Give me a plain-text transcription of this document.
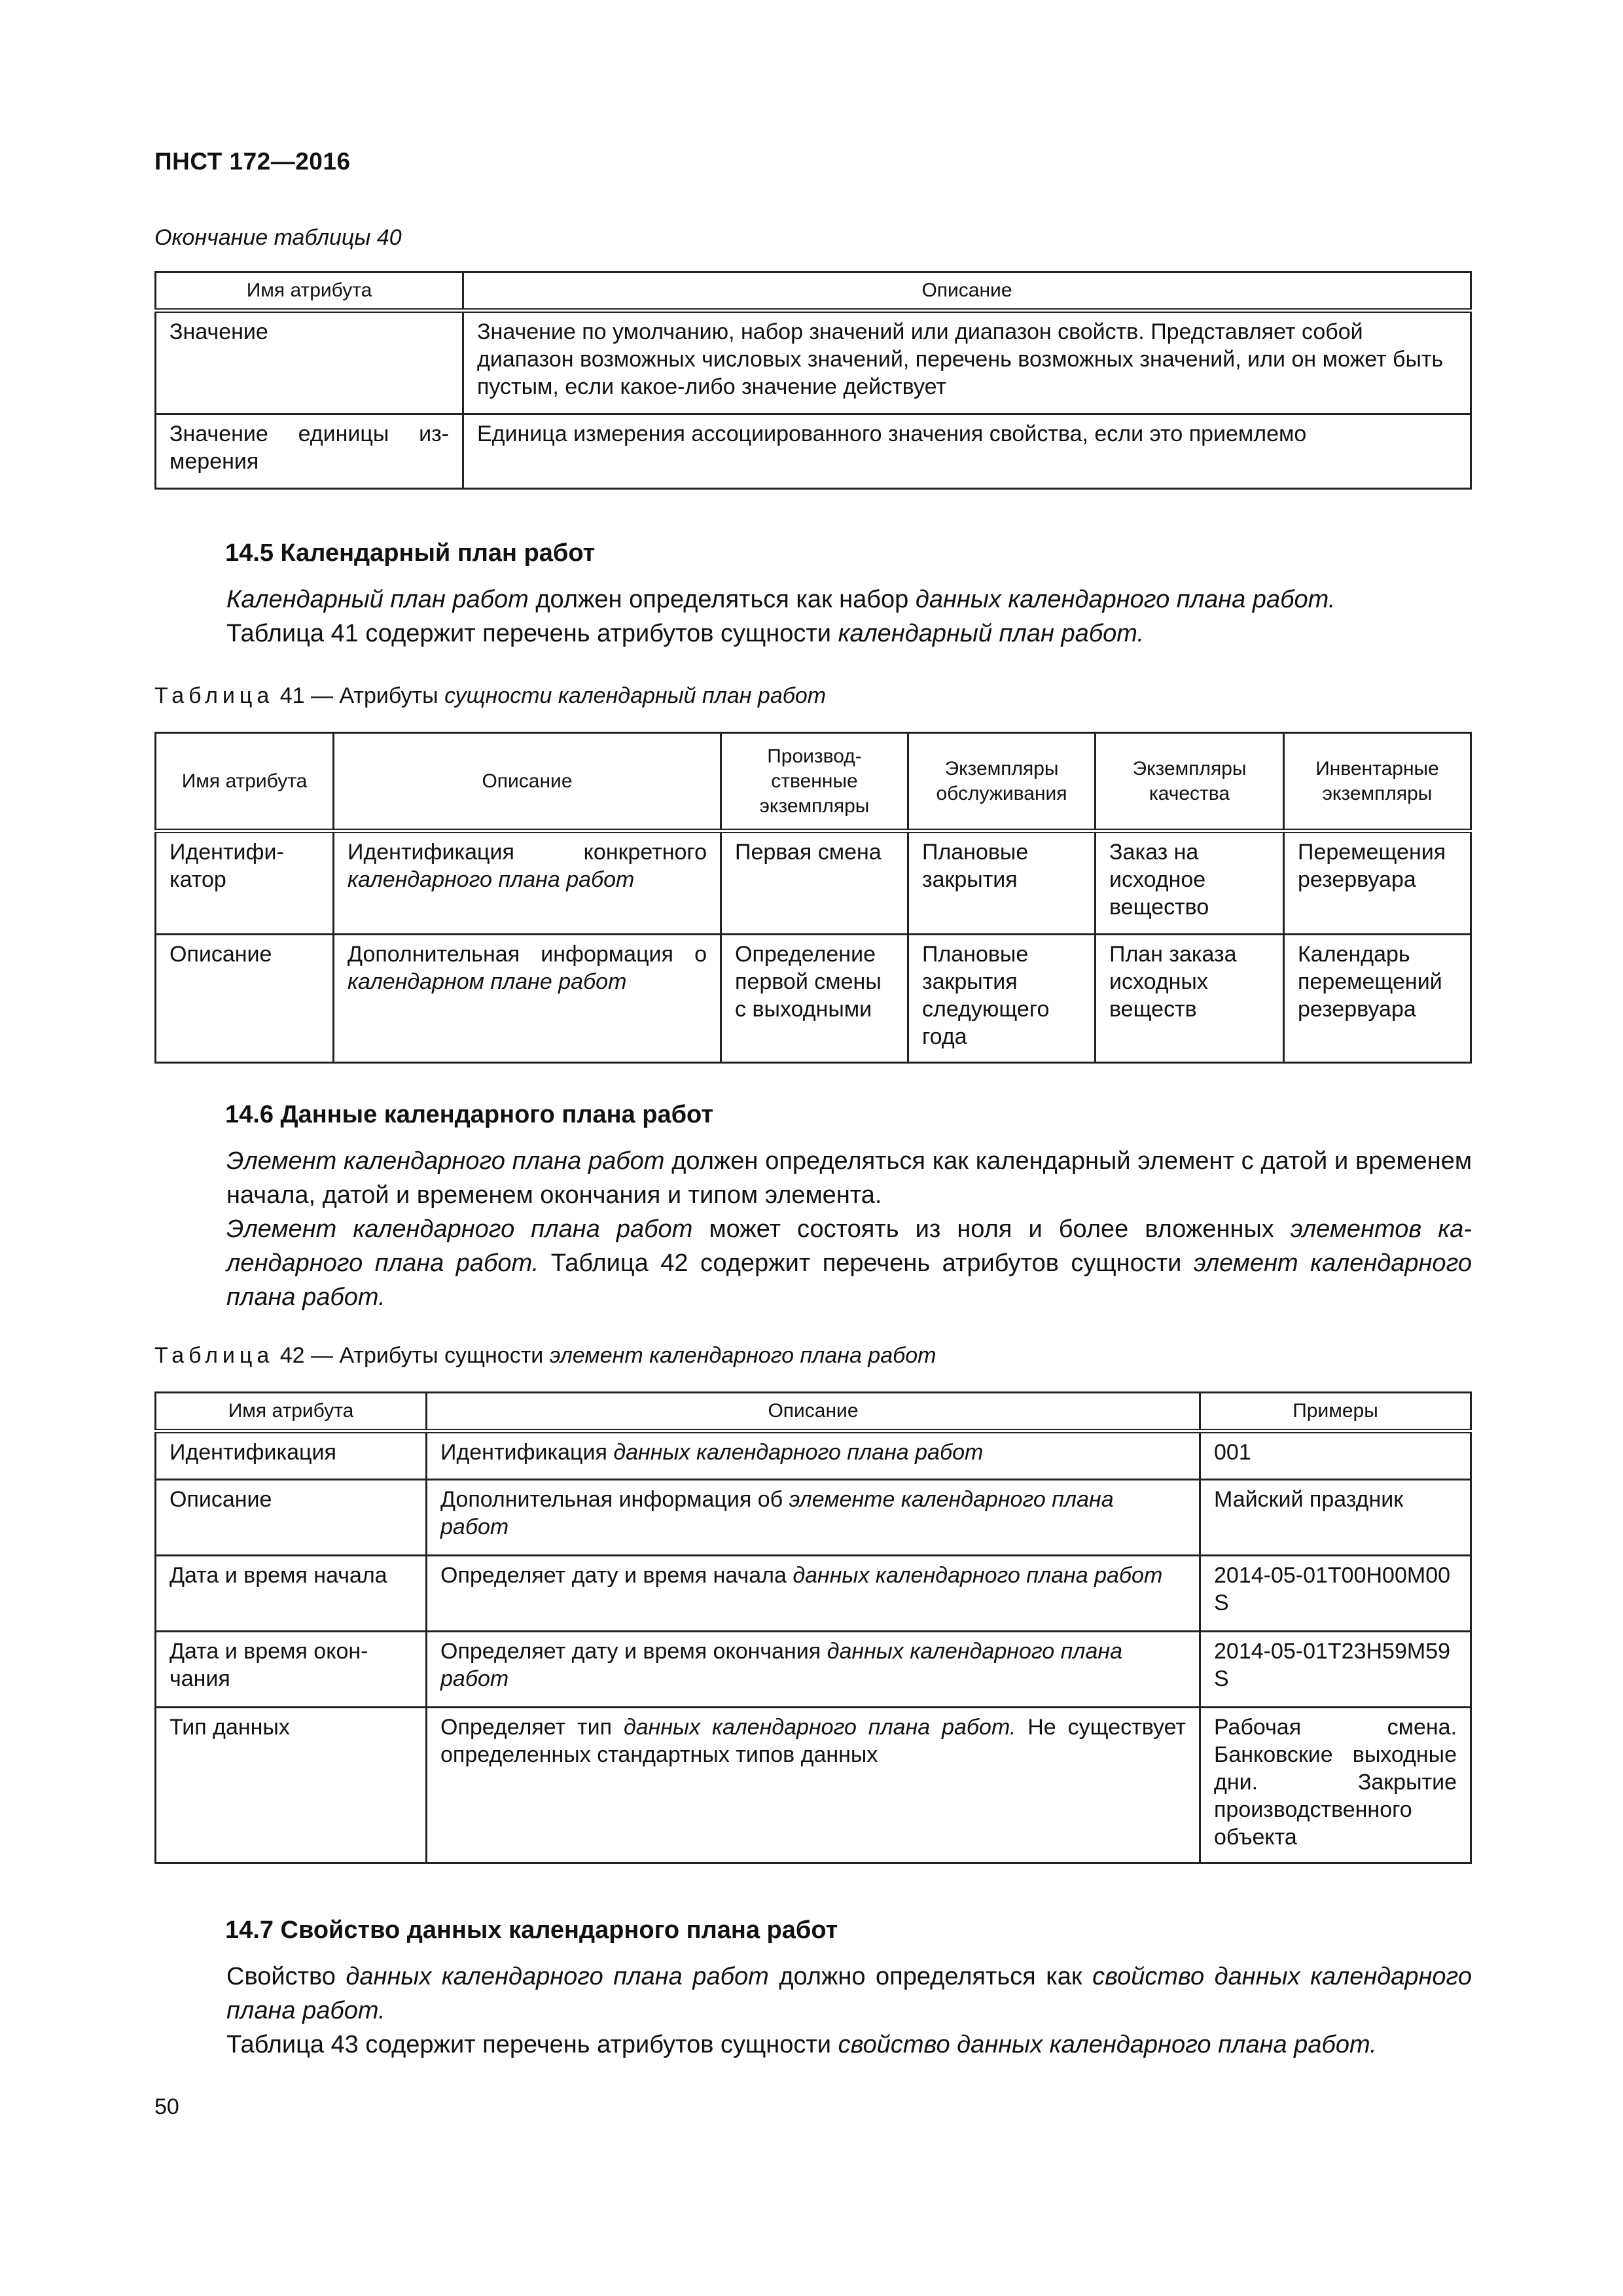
ПНСТ 172—2016
Окончание таблицы 40
Имя атрибута	Описание
Значение	Значение по умолчанию, набор значений или диапазон свойств. Представляет собой диапазон возможных числовых значений, перечень возможных значений, или он может быть пустым, если какое-либо значение действует
Значение единицы измерения	Единица измерения ассоциированного значения свойства, если это приемлемо
14.5 Календарный план работ
Календарный план работ должен определяться как набор данных календарного плана работ.
Таблица 41 содержит перечень атрибутов сущности календарный план работ.
Таблица 41 — Атрибуты сущности календарный план работ
Имя атрибута	Описание	Производственные экземпляры	Экземпляры обслуживания	Экземпляры качества	Инвентарные экземпляры
Идентификатор	Идентификация конкретного календарного плана работ	Первая смена	Плановые закрытия	Заказ на исходное вещество	Перемещения резервуара
Описание	Дополнительная информация о календарном плане работ	Определение первой смены с выходными	Плановые закрытия следующего года	План заказа исходных веществ	Календарь перемещений резервуара
14.6 Данные календарного плана работ
Элемент календарного плана работ должен определяться как календарный элемент с датой и временем начала, датой и временем окончания и типом элемента.
Элемент календарного плана работ может состоять из ноля и более вложенных элементов календарного плана работ. Таблица 42 содержит перечень атрибутов сущности элемент календарного плана работ.
Таблица 42 — Атрибуты сущности элемент календарного плана работ
Имя атрибута	Описание	Примеры
Идентификация	Идентификация данных календарного плана работ	001
Описание	Дополнительная информация об элементе календарного плана работ	Майский праздник
Дата и время начала	Определяет дату и время начала данных календарного плана работ	2014-05-01T00H00M00S
Дата и время окончания	Определяет дату и время окончания данных календарного плана работ	2014-05-01T23H59M59S
Тип данных	Определяет тип данных календарного плана работ. Не существует определенных стандартных типов данных	Рабочая смена. Банковские выходные дни. Закрытие производственного объекта
14.7 Свойство данных календарного плана работ
Свойство данных календарного плана работ должно определяться как свойство данных календарного плана работ.
Таблица 43 содержит перечень атрибутов сущности свойство данных календарного плана работ.
50
